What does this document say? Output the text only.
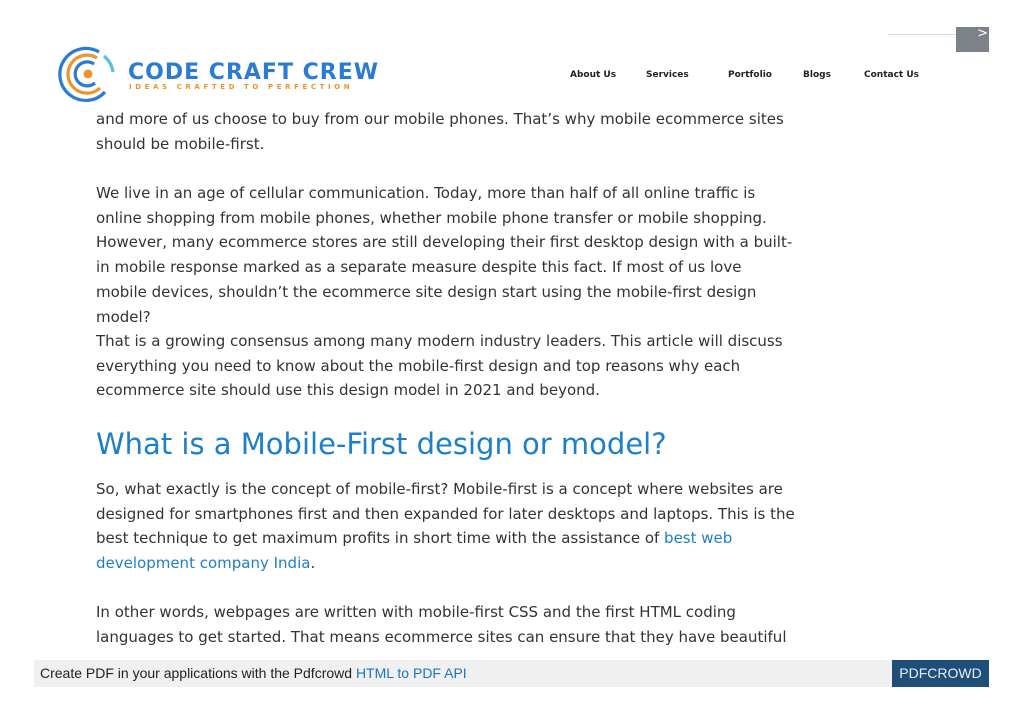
>
CODE CRAFT CREW
IDEAS CRAFTED TO PERFECTION
About Us	Services	Portfolio	Blogs	Contact Us
and more of us choose to buy from our mobile phones. That’s why mobile ecommerce sites should be mobile-first.

We live in an age of cellular communication. Today, more than half of all online traffic is online shopping from mobile phones, whether mobile phone transfer or mobile shopping. However, many ecommerce stores are still developing their first desktop design with a built-in mobile response marked as a separate measure despite this fact. If most of us love mobile devices, shouldn’t the ecommerce site design start using the mobile-first design model?

That is a growing consensus among many modern industry leaders. This article will discuss everything you need to know about the mobile-first design and top reasons why each ecommerce site should use this design model in 2021 and beyond.

What is a Mobile-First design or model?

So, what exactly is the concept of mobile-first? Mobile-first is a concept where websites are designed for smartphones first and then expanded for later desktops and laptops. This is the best technique to get maximum profits in short time with the assistance of best web development company India.

In other words, webpages are written with mobile-first CSS and the first HTML coding languages to get started. That means ecommerce sites can ensure that they have beautiful

Create PDF in your applications with the Pdfcrowd HTML to PDF API	PDFCROWD
